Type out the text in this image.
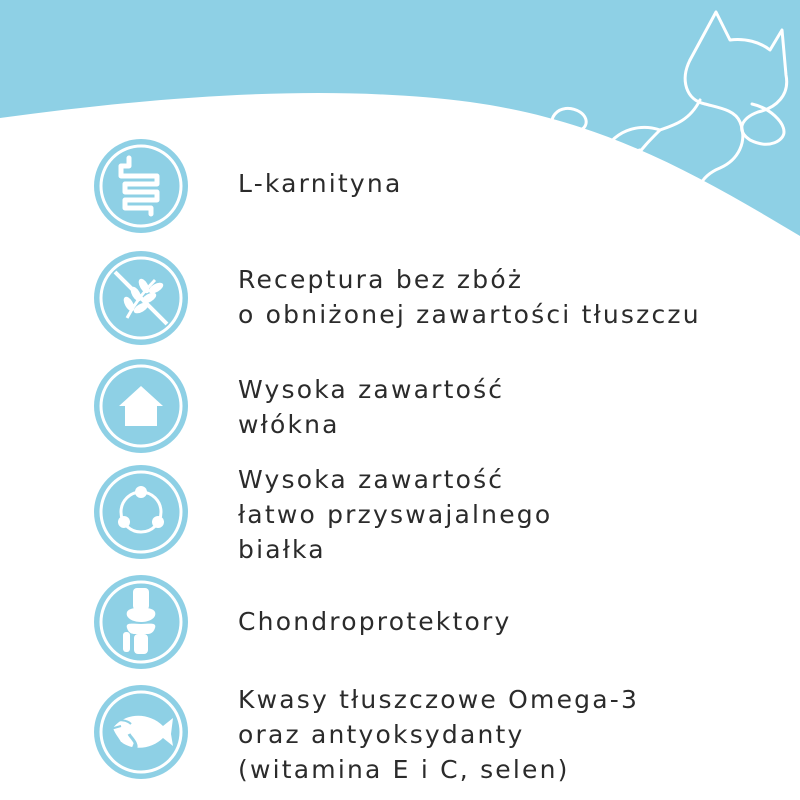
L-karnityna
Receptura bez zbóż
o obniżonej zawartości tłuszczu
Wysoka zawartość
włókna
Wysoka zawartość
łatwo przyswajalnego
białka
Chondroprotektory
Kwasy tłuszczowe Omega-3
oraz antyoksydanty
(witamina E i C, selen)
